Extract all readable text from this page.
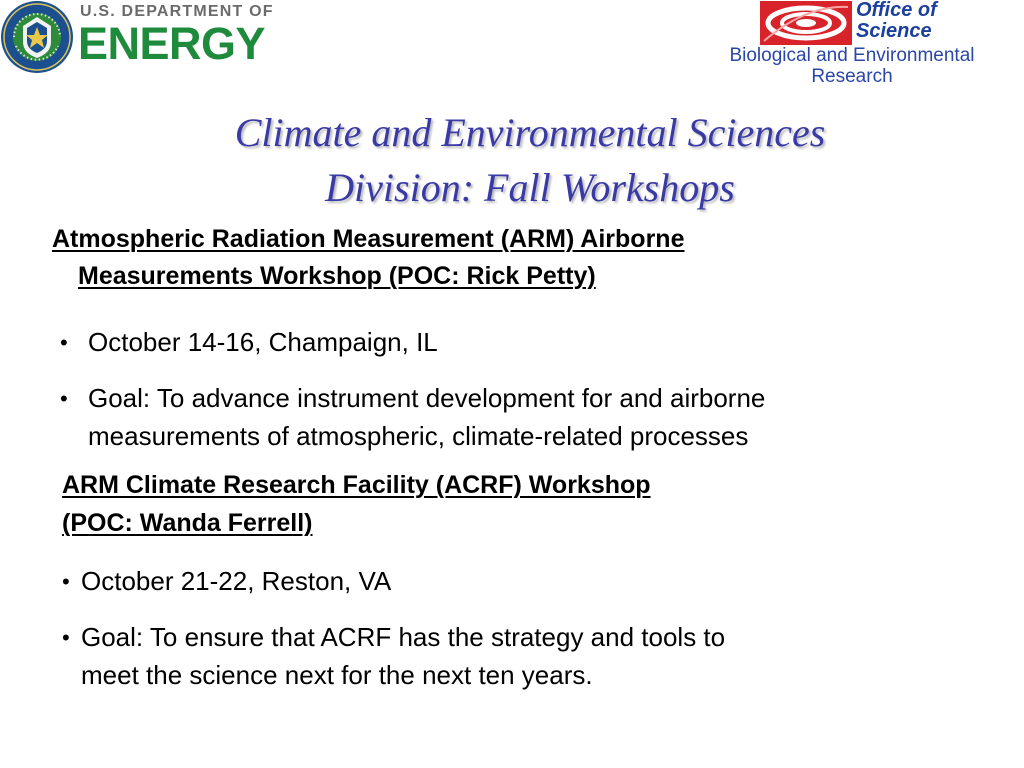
U.S. DEPARTMENT OF
ENERGY
Office of
Science
Biological and Environmental
Research
Climate and Environmental Sciences
Division: Fall Workshops
Atmospheric Radiation Measurement (ARM) Airborne
Measurements Workshop (POC: Rick Petty)
• October 14-16, Champaign, IL
• Goal: To advance instrument development for and airborne
measurements of atmospheric, climate-related processes
ARM Climate Research Facility (ACRF) Workshop
(POC: Wanda Ferrell)
• October 21-22, Reston, VA
• Goal: To ensure that ACRF has the strategy and tools to
meet the science next for the next ten years.
